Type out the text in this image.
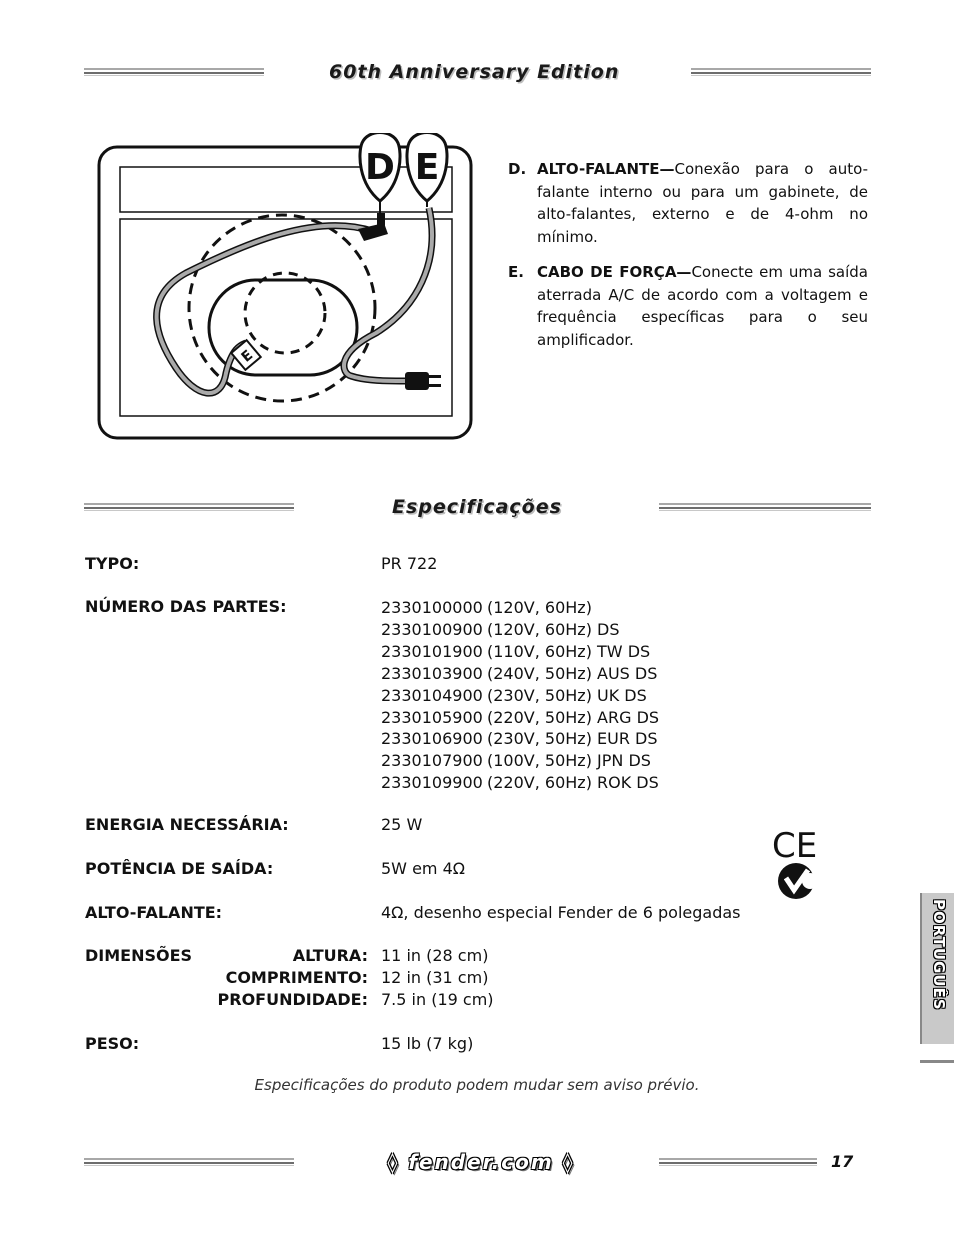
60th Anniversary Edition
E
D E	D. ALTO-FALANTE—Conexão para o auto-falante interno ou para um gabinete, de alto-falantes, externo e de 4-ohm no mínimo.
E. CABO DE FORÇA—Conecte em uma saída aterrada A/C de acordo com a voltagem e frequência específicas para o seu amplificador.
Especificações
TYPO:	PR 722
NÚMERO DAS PARTES:	2330100000 (120V, 60Hz)
2330100900 (120V, 60Hz) DS
2330101900 (110V, 60Hz) TW DS
2330103900 (240V, 50Hz) AUS DS
2330104900 (230V, 50Hz) UK DS
2330105900 (220V, 50Hz) ARG DS
2330106900 (230V, 50Hz) EUR DS
2330107900 (100V, 50Hz) JPN DS
2330109900 (220V, 60Hz) ROK DS
ENERGIA NECESSÁRIA:	25 W
POTÊNCIA DE SAÍDA:	5W em 4Ω
ALTO-FALANTE:	4Ω, desenho especial Fender de 6 polegadas
DIMENSÕES	ALTURA: 11 in (28 cm)
COMPRIMENTO: 12 in (31 cm)
PROFUNDIDADE: 7.5 in (19 cm)
PESO:	15 lb (7 kg)
CE
Especificações do produto podem mudar sem aviso prévio.
PORTUGUÊS
◊ fender.com ◊	17
